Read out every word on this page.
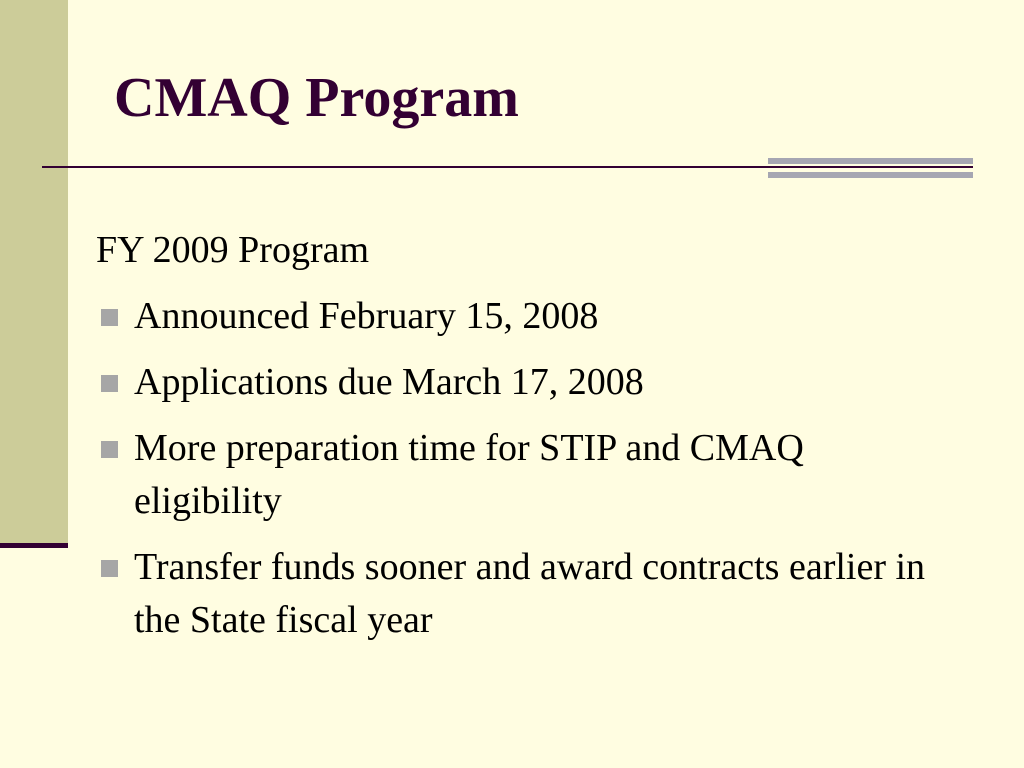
CMAQ Program

FY 2009 Program

Announced February 15, 2008
Applications due March 17, 2008
More preparation time for STIP and CMAQ eligibility
Transfer funds sooner and award contracts earlier in the State fiscal year
